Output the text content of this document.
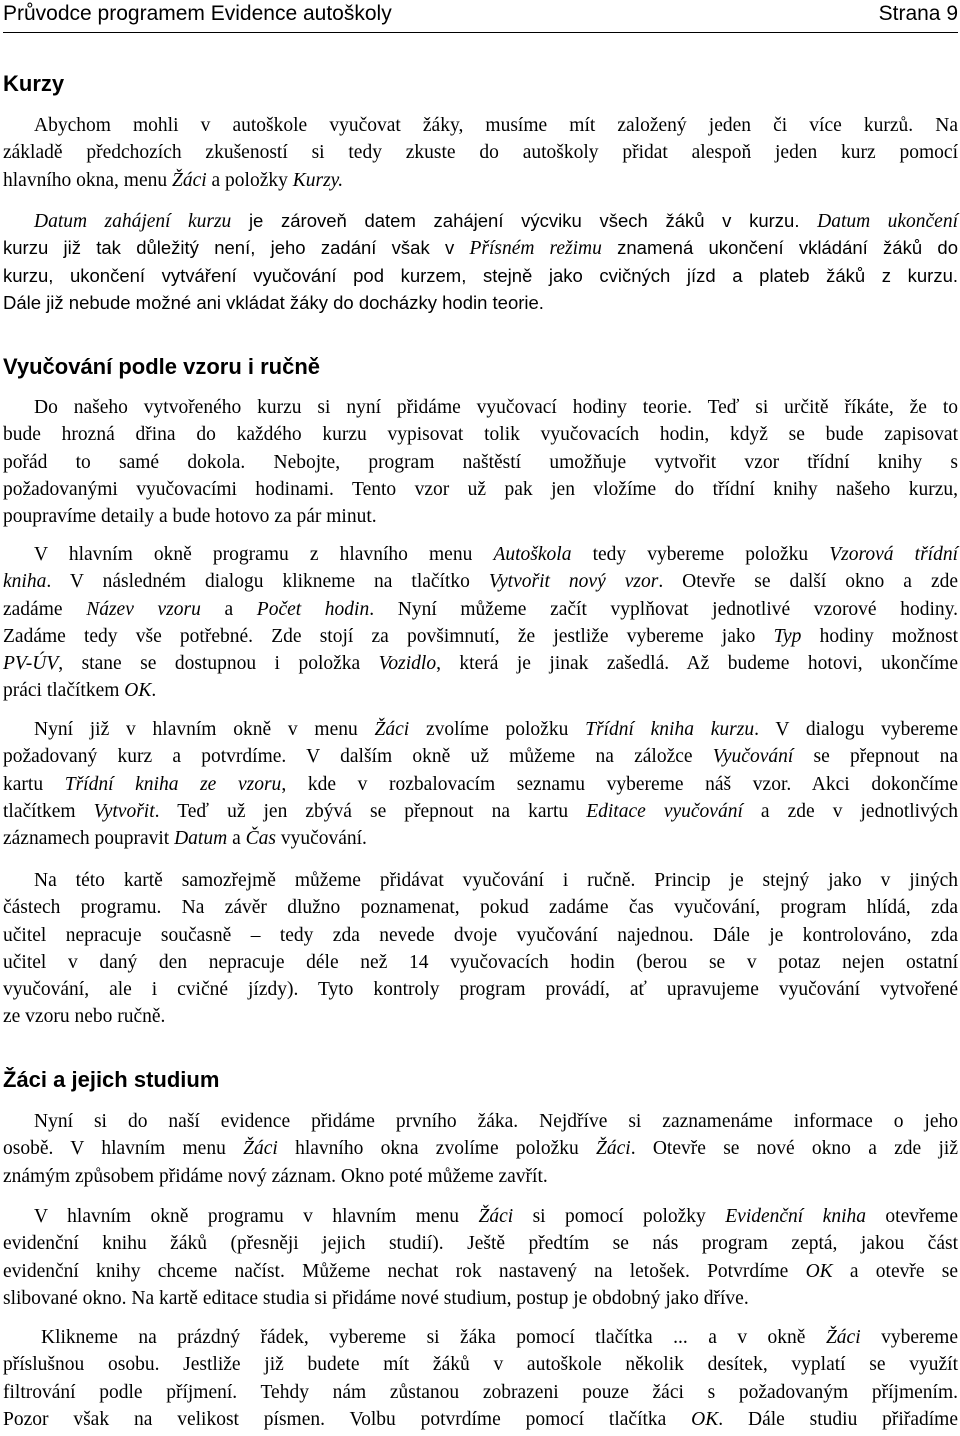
Průvodce programem Evidence autoškoly	Strana 9
Kurzy
Abychom mohli v autoškole vyučovat žáky, musíme mít založený jeden či více kurzů. Na
základě předchozích zkušeností si tedy zkuste do autoškoly přidat alespoň jeden kurz pomocí
hlavního okna, menu Žáci a položky Kurzy.
Datum zahájení kurzu je zároveň datem zahájení výcviku všech žáků v kurzu. Datum ukončení
kurzu již tak důležitý není, jeho zadání však v Přísném režimu znamená ukončení vkládání žáků do
kurzu, ukončení vytváření vyučování pod kurzem, stejně jako cvičných jízd a plateb žáků z kurzu.
Dále již nebude možné ani vkládat žáky do docházky hodin teorie.
Vyučování podle vzoru i ručně
Do našeho vytvořeného kurzu si nyní přidáme vyučovací hodiny teorie. Teď si určitě říkáte, že to
bude hrozná dřina do každého kurzu vypisovat tolik vyučovacích hodin, když se bude zapisovat
pořád to samé dokola. Nebojte, program naštěstí umožňuje vytvořit vzor třídní knihy s
požadovanými vyučovacími hodinami. Tento vzor už pak jen vložíme do třídní knihy našeho kurzu,
poupravíme detaily a bude hotovo za pár minut.
V hlavním okně programu z hlavního menu Autoškola tedy vybereme položku Vzorová třídní
kniha. V následném dialogu klikneme na tlačítko Vytvořit nový vzor. Otevře se další okno a zde
zadáme Název vzoru a Počet hodin. Nyní můžeme začít vyplňovat jednotlivé vzorové hodiny.
Zadáme tedy vše potřebné. Zde stojí za povšimnutí, že jestliže vybereme jako Typ hodiny možnost
PV-ÚV, stane se dostupnou i položka Vozidlo, která je jinak zašedlá. Až budeme hotovi, ukončíme
práci tlačítkem OK.
Nyní již v hlavním okně v menu Žáci zvolíme položku Třídní kniha kurzu. V dialogu vybereme
požadovaný kurz a potvrdíme. V dalším okně už můžeme na záložce Vyučování se přepnout na
kartu Třídní kniha ze vzoru, kde v rozbalovacím seznamu vybereme náš vzor. Akci dokončíme
tlačítkem Vytvořit. Teď už jen zbývá se přepnout na kartu Editace vyučování a zde v jednotlivých
záznamech poupravit Datum a Čas vyučování.
Na této kartě samozřejmě můžeme přidávat vyučování i ručně. Princip je stejný jako v jiných
částech programu. Na závěr dlužno poznamenat, pokud zadáme čas vyučování, program hlídá, zda
učitel nepracuje současně – tedy zda nevede dvoje vyučování najednou. Dále je kontrolováno, zda
učitel v daný den nepracuje déle než 14 vyučovacích hodin (berou se v potaz nejen ostatní
vyučování, ale i cvičné jízdy). Tyto kontroly program provádí, ať upravujeme vyučování vytvořené
ze vzoru nebo ručně.
Žáci a jejich studium
Nyní si do naší evidence přidáme prvního žáka. Nejdříve si zaznamenáme informace o jeho
osobě. V hlavním menu Žáci hlavního okna zvolíme položku Žáci. Otevře se nové okno a zde již
známým způsobem přidáme nový záznam. Okno poté můžeme zavřít.
V hlavním okně programu v hlavním menu Žáci si pomocí položky Evidenční kniha otevřeme
evidenční knihu žáků (přesněji jejich studií). Ještě předtím se nás program zeptá, jakou část
evidenční knihy chceme načíst. Můžeme nechat rok nastavený na letošek. Potvrdíme OK a otevře se
slibované okno. Na kartě editace studia si přidáme nové studium, postup je obdobný jako dříve.
Klikneme na prázdný řádek, vybereme si žáka pomocí tlačítka ... a v okně Žáci vybereme
příslušnou osobu. Jestliže již budete mít žáků v autoškole několik desítek, vyplatí se využít
filtrování podle příjmení. Tehdy nám zůstanou zobrazeni pouze žáci s požadovaným příjmením.
Pozor však na velikost písmen. Volbu potvrdíme pomocí tlačítka OK. Dále studiu přiřadíme
